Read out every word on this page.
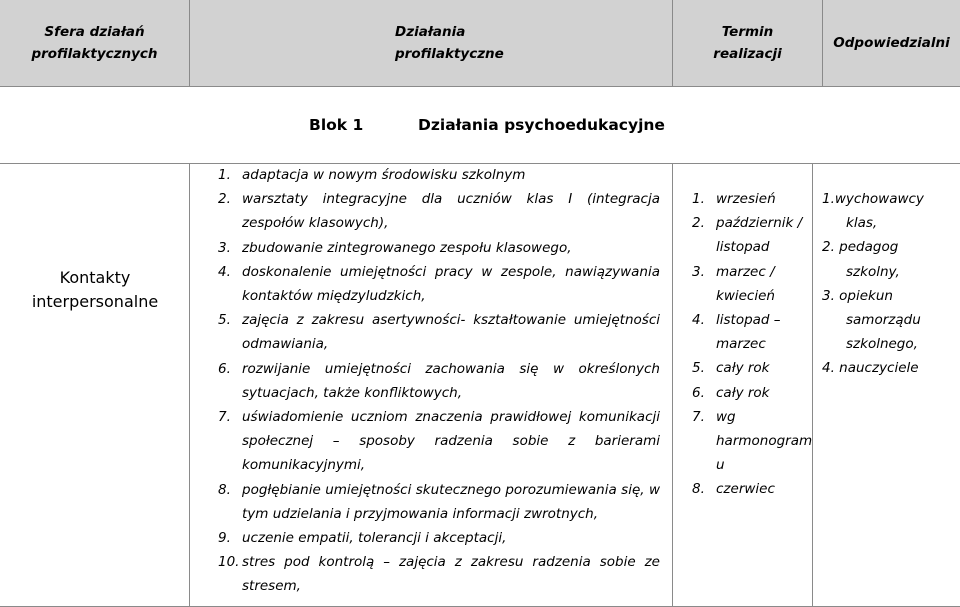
Sfera działań
profilaktycznych
Działania
profilaktyczne
Termin
realizacji
Odpowiedzialni
Blok 1	Działania psychoedukacyjne
Kontakty
interpersonalne
1. adaptacja w nowym środowisku szkolnym
2. warsztaty integracyjne dla uczniów klas I (integracja zespołów klasowych),
3. zbudowanie zintegrowanego zespołu klasowego,
4. doskonalenie umiejętności pracy w zespole, nawiązywania kontaktów międzyludzkich,
5. zajęcia z zakresu asertywności- kształtowanie umiejętności odmawiania,
6. rozwijanie umiejętności zachowania się w określonych sytuacjach, także konfliktowych,
7. uświadomienie uczniom znaczenia prawidłowej komunikacji społecznej – sposoby radzenia sobie z barierami komunikacyjnymi,
8. pogłębianie umiejętności skutecznego porozumiewania się, w tym udzielania i przyjmowania informacji zwrotnych,
9. uczenie empatii, tolerancji i akceptacji,
10. stres pod kontrolą – zajęcia z zakresu radzenia sobie ze stresem,
1. wrzesień
2. październik /
listopad
3. marzec /
kwiecień
4. listopad –
marzec
5. cały rok
6. cały rok
7. wg
harmonogram
u
8. czerwiec
1.wychowawcy
klas,
2. pedagog
szkolny,
3. opiekun
samorządu
szkolnego,
4. nauczyciele
